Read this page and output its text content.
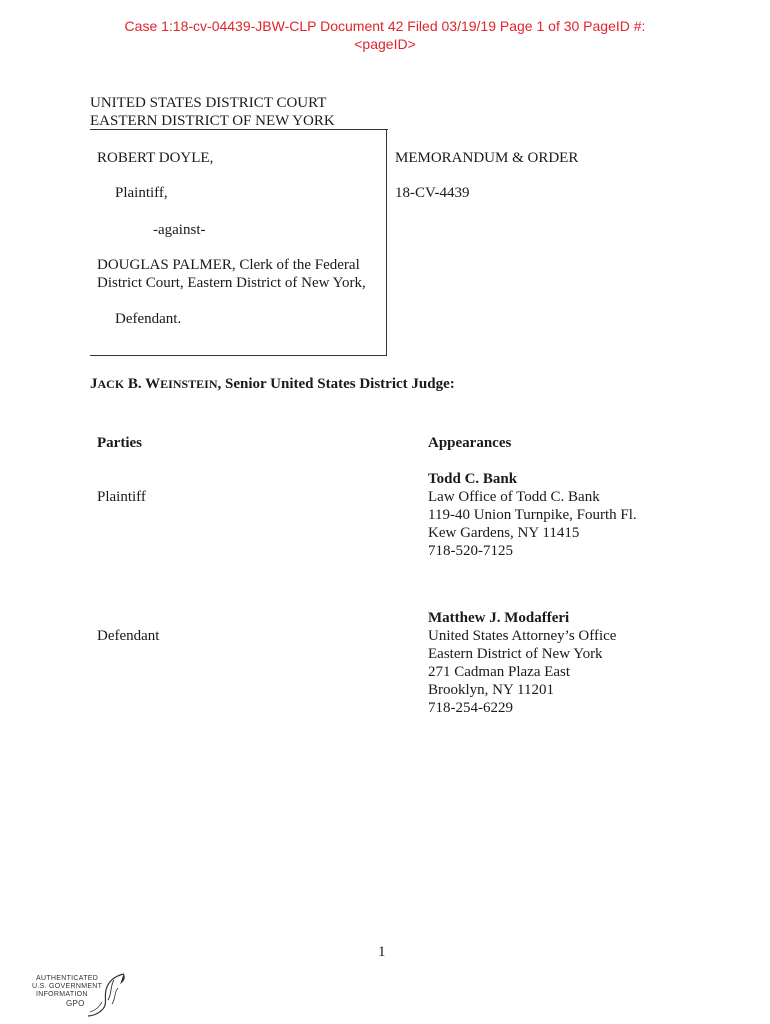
Case 1:18-cv-04439-JBW-CLP Document 42 Filed 03/19/19 Page 1 of 30 PageID #:
<pageID>
UNITED STATES DISTRICT COURT
EASTERN DISTRICT OF NEW YORK
ROBERT DOYLE,
Plaintiff,
-against-
DOUGLAS PALMER, Clerk of the Federal
District Court, Eastern District of New York,
Defendant.
MEMORANDUM & ORDER
18-CV-4439
JACK B. WEINSTEIN, Senior United States District Judge:
Parties	Appearances
Plaintiff
Todd C. Bank
Law Office of Todd C. Bank
119-40 Union Turnpike, Fourth Fl.
Kew Gardens, NY 11415
718-520-7125
Defendant
Matthew J. Modafferi
United States Attorney’s Office
Eastern District of New York
271 Cadman Plaza East
Brooklyn, NY 11201
718-254-6229
1
AUTHENTICATED
U.S. GOVERNMENT
INFORMATION
GPO
